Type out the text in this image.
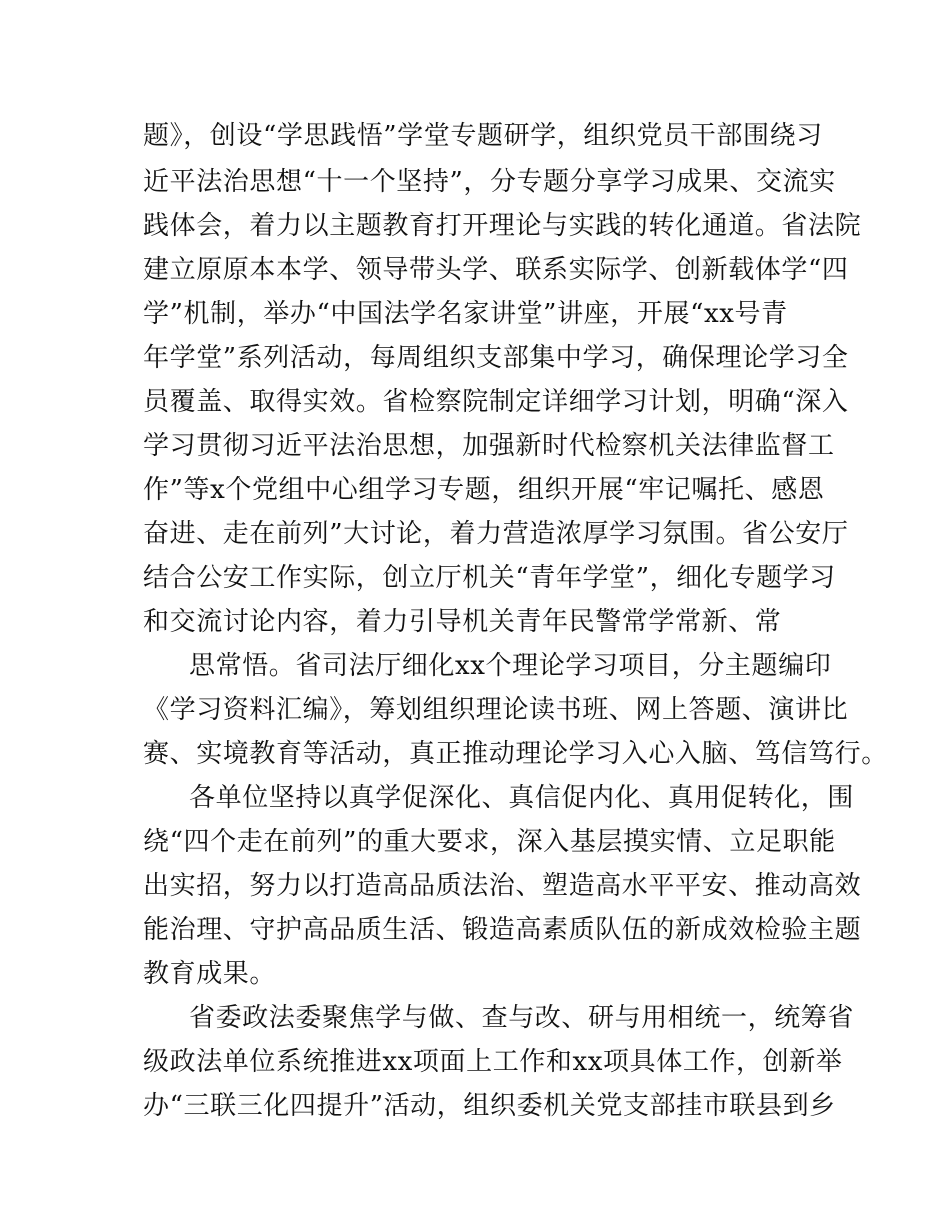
题》，创设“学思践悟”学堂专题研学，组织党员干部围绕习
近平法治思想“十一个坚持”，分专题分享学习成果、交流实
践体会，着力以主题教育打开理论与实践的转化通道。省法院
建立原原本本学、领导带头学、联系实际学、创新载体学“四
学”机制，举办“中国法学名家讲堂”讲座，开展“xx号青
年学堂”系列活动，每周组织支部集中学习，确保理论学习全
员覆盖、取得实效。省检察院制定详细学习计划，明确“深入
学习贯彻习近平法治思想，加强新时代检察机关法律监督工
作”等x个党组中心组学习专题，组织开展“牢记嘱托、感恩
奋进、走在前列”大讨论，着力营造浓厚学习氛围。省公安厅
结合公安工作实际，创立厅机关“青年学堂”，细化专题学习
和交流讨论内容，着力引导机关青年民警常学常新、常
思常悟。省司法厅细化xx个理论学习项目，分主题编印
《学习资料汇编》，筹划组织理论读书班、网上答题、演讲比
赛、实境教育等活动，真正推动理论学习入心入脑、笃信笃行。
各单位坚持以真学促深化、真信促内化、真用促转化，围
绕“四个走在前列”的重大要求，深入基层摸实情、立足职能
出实招，努力以打造高品质法治、塑造高水平平安、推动高效
能治理、守护高品质生活、锻造高素质队伍的新成效检验主题
教育成果。
省委政法委聚焦学与做、查与改、研与用相统一，统筹省
级政法单位系统推进xx项面上工作和xx项具体工作，创新举
办“三联三化四提升”活动，组织委机关党支部挂市联县到乡
